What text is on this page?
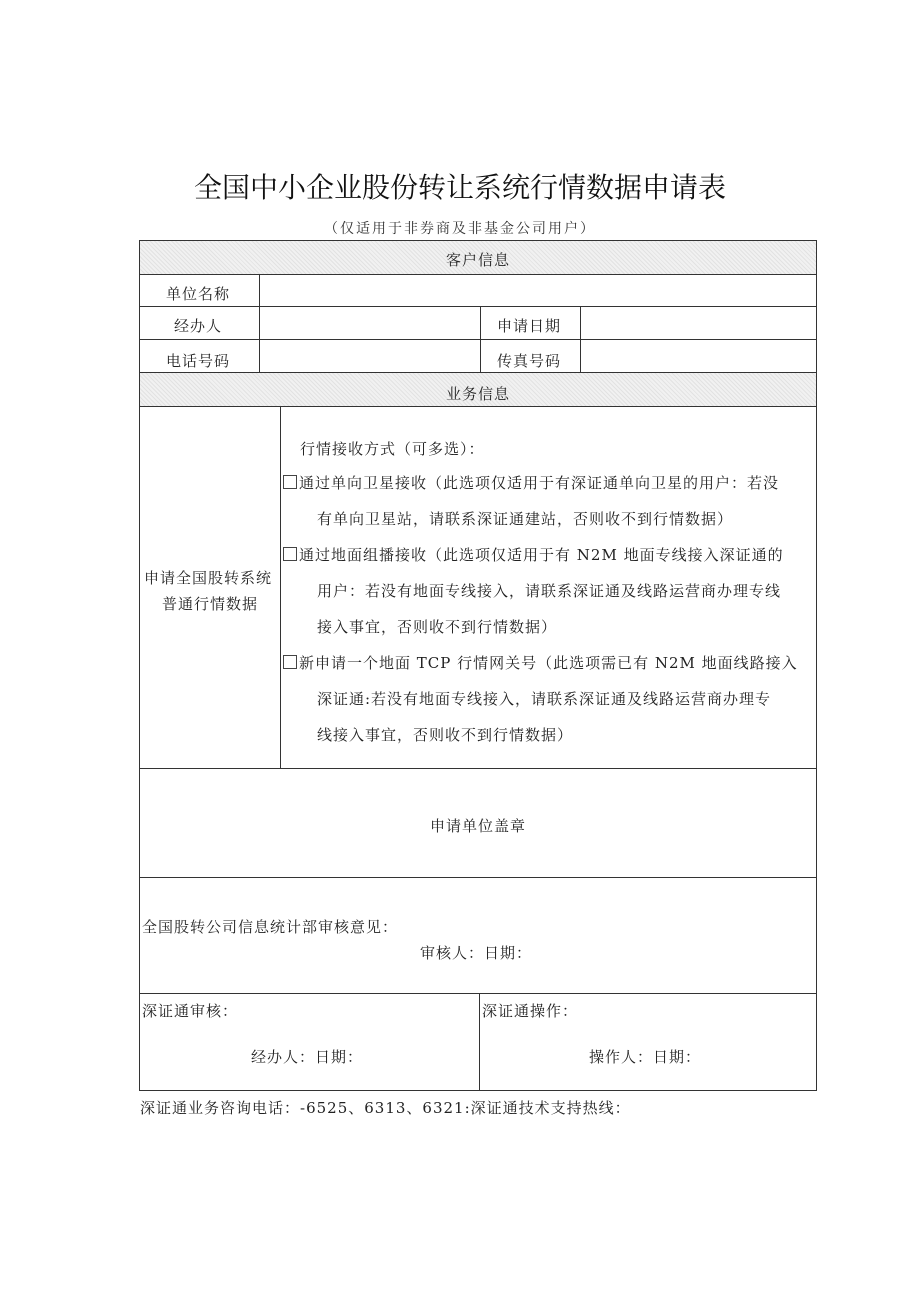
全国中小企业股份转让系统行情数据申请表
（仅适用于非券商及非基金公司用户）
客户信息
单位名称
经办人	申请日期
电话号码	传真号码
业务信息
申请全国股转系统
普通行情数据
行情接收方式（可多选）：
通过单向卫星接收（此选项仅适用于有深证通单向卫星的用户：若没
有单向卫星站，请联系深证通建站，否则收不到行情数据）
通过地面组播接收（此选项仅适用于有 N2M 地面专线接入深证通的
用户：若没有地面专线接入，请联系深证通及线路运营商办理专线
接入事宜，否则收不到行情数据）
新申请一个地面 TCP 行情网关号（此选项需已有 N2M 地面线路接入
深证通:若没有地面专线接入，请联系深证通及线路运营商办理专
线接入事宜，否则收不到行情数据）
申请单位盖章
全国股转公司信息统计部审核意见：
审核人：日期：
深证通审核：
经办人：日期：
深证通操作：
操作人：日期：
深证通业务咨询电话：-6525、6313、6321:深证通技术支持热线：
